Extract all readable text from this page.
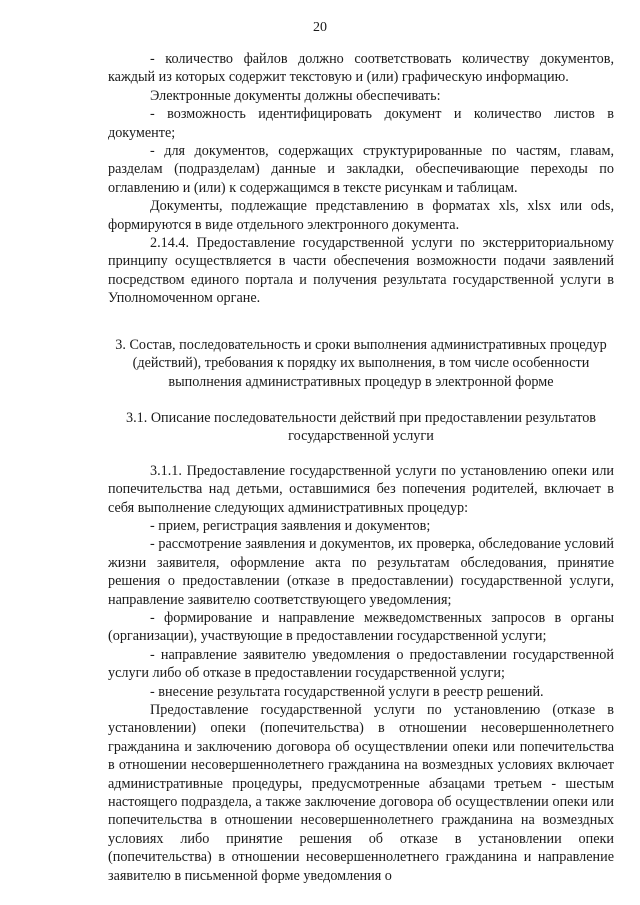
20

- количество файлов должно соответствовать количеству документов, каждый из которых содержит текстовую и (или) графическую информацию.

Электронные документы должны обеспечивать:

- возможность идентифицировать документ и количество листов в документе;

- для документов, содержащих структурированные по частям, главам, разделам (подразделам) данные и закладки, обеспечивающие переходы по оглавлению и (или) к содержащимся в тексте рисункам и таблицам.

Документы, подлежащие представлению в форматах xls, xlsx или ods, формируются в виде отдельного электронного документа.

2.14.4. Предоставление государственной услуги по экстерриториальному принципу осуществляется в части обеспечения возможности подачи заявлений посредством единого портала и получения результата государственной услуги в Уполномоченном органе.

3. Состав, последовательность и сроки выполнения административных процедур (действий), требования к порядку их выполнения, в том числе особенности выполнения административных процедур в электронной форме

3.1. Описание последовательности действий при предоставлении результатов государственной услуги

3.1.1. Предоставление государственной услуги по установлению опеки или попечительства над детьми, оставшимися без попечения родителей, включает в себя выполнение следующих административных процедур:

- прием, регистрация заявления и документов;

- рассмотрение заявления и документов, их проверка, обследование условий жизни заявителя, оформление акта по результатам обследования, принятие решения о предоставлении (отказе в предоставлении) государственной услуги, направление заявителю соответствующего уведомления;

- формирование и направление межведомственных запросов в органы (организации), участвующие в предоставлении государственной услуги;

- направление заявителю уведомления о предоставлении государственной услуги либо об отказе в предоставлении государственной услуги;

- внесение результата государственной услуги в реестр решений.

Предоставление государственной услуги по установлению (отказе в установлении) опеки (попечительства) в отношении несовершеннолетнего гражданина и заключению договора об осуществлении опеки или попечительства в отношении несовершеннолетнего гражданина на возмездных условиях включает административные процедуры, предусмотренные абзацами третьем - шестым настоящего подраздела, а также заключение договора об осуществлении опеки или попечительства в отношении несовершеннолетнего гражданина на возмездных условиях либо принятие решения об отказе в установлении опеки (попечительства) в отношении несовершеннолетнего гражданина и направление заявителю в письменной форме уведомления о
